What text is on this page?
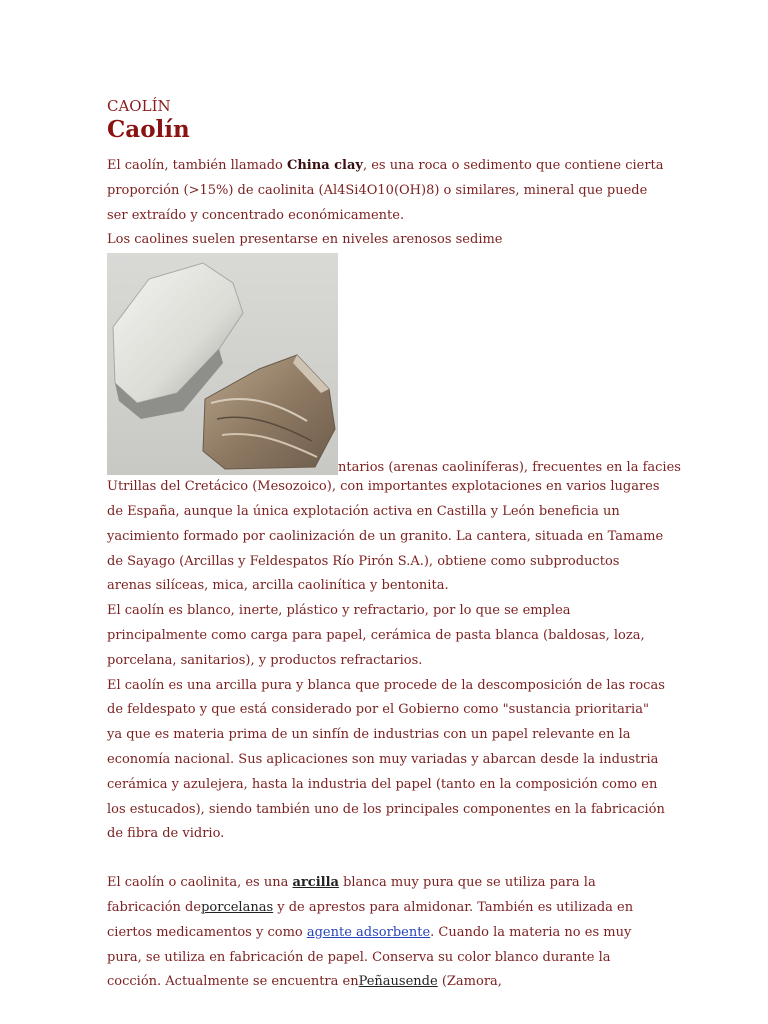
CAOLÍN
Caolín

El caolín, también llamado China clay, es una roca o sedimento que contiene cierta proporción (>15%) de caolinita (Al4Si4O10(OH)8) o similares, mineral que puede ser extraído y concentrado económicamente.

Los caolines suelen presentarse en niveles arenosos sedime

ntarios (arenas caoliníferas), frecuentes en la facies

Utrillas del Cretácico (Mesozoico), con importantes explotaciones en varios lugares de España, aunque la única explotación activa en Castilla y León beneficia un yacimiento formado por caolinización de un granito. La cantera, situada en Tamame de Sayago (Arcillas y Feldespatos Río Pirón S.A.), obtiene como subproductos arenas silíceas, mica, arcilla caolinítica y bentonita.

El caolín es blanco, inerte, plástico y refractario, por lo que se emplea principalmente como carga para papel, cerámica de pasta blanca (baldosas, loza, porcelana, sanitarios), y productos refractarios.

El caolín es una arcilla pura y blanca que procede de la descomposición de las rocas de feldespato y que está considerado por el Gobierno como "sustancia prioritaria" ya que es materia prima de un sinfín de industrias con un papel relevante en la economía nacional. Sus aplicaciones son muy variadas y abarcan desde la industria cerámica y azulejera, hasta la industria del papel (tanto en la composición como en los estucados), siendo también uno de los principales componentes en la fabricación de fibra de vidrio.

El caolín o caolinita, es una arcilla blanca muy pura que se utiliza para la fabricación deporcelanas y de aprestos para almidonar. También es utilizada en ciertos medicamentos y como agente adsorbente. Cuando la materia no es muy pura, se utiliza en fabricación de papel. Conserva su color blanco durante la cocción. Actualmente se encuentra enPeñausende (Zamora,
